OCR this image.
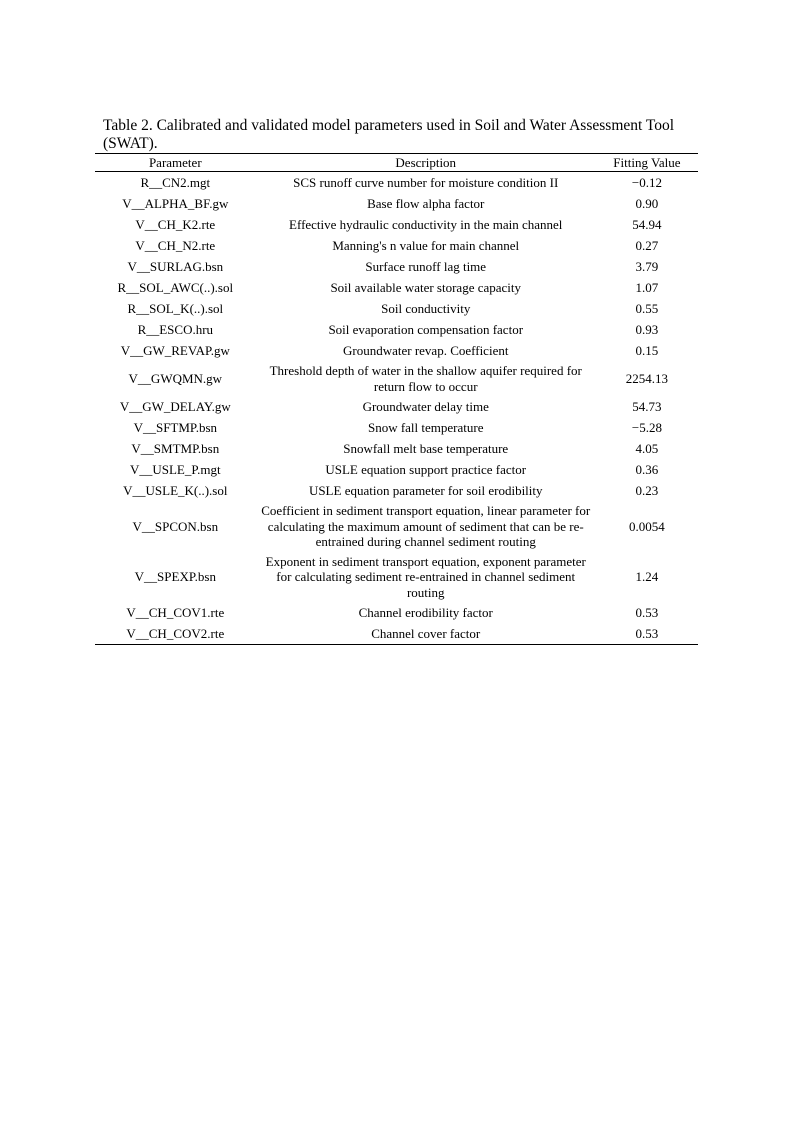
Table 2. Calibrated and validated model parameters used in Soil and Water Assessment Tool (SWAT).
Parameter	Description	Fitting Value
R__CN2.mgt	SCS runoff curve number for moisture condition II	−0.12
V__ALPHA_BF.gw	Base flow alpha factor	0.90
V__CH_K2.rte	Effective hydraulic conductivity in the main channel	54.94
V__CH_N2.rte	Manning's n value for main channel	0.27
V__SURLAG.bsn	Surface runoff lag time	3.79
R__SOL_AWC(..).sol	Soil available water storage capacity	1.07
R__SOL_K(..).sol	Soil conductivity	0.55
R__ESCO.hru	Soil evaporation compensation factor	0.93
V__GW_REVAP.gw	Groundwater revap. Coefficient	0.15
V__GWQMN.gw	Threshold depth of water in the shallow aquifer required for return flow to occur	2254.13
V__GW_DELAY.gw	Groundwater delay time	54.73
V__SFTMP.bsn	Snow fall temperature	−5.28
V__SMTMP.bsn	Snowfall melt base temperature	4.05
V__USLE_P.mgt	USLE equation support practice factor	0.36
V__USLE_K(..).sol	USLE equation parameter for soil erodibility	0.23
V__SPCON.bsn	Coefficient in sediment transport equation, linear parameter for calculating the maximum amount of sediment that can be re-entrained during channel sediment routing	0.0054
V__SPEXP.bsn	Exponent in sediment transport equation, exponent parameter for calculating sediment re-entrained in channel sediment routing	1.24
V__CH_COV1.rte	Channel erodibility factor	0.53
V__CH_COV2.rte	Channel cover factor	0.53
